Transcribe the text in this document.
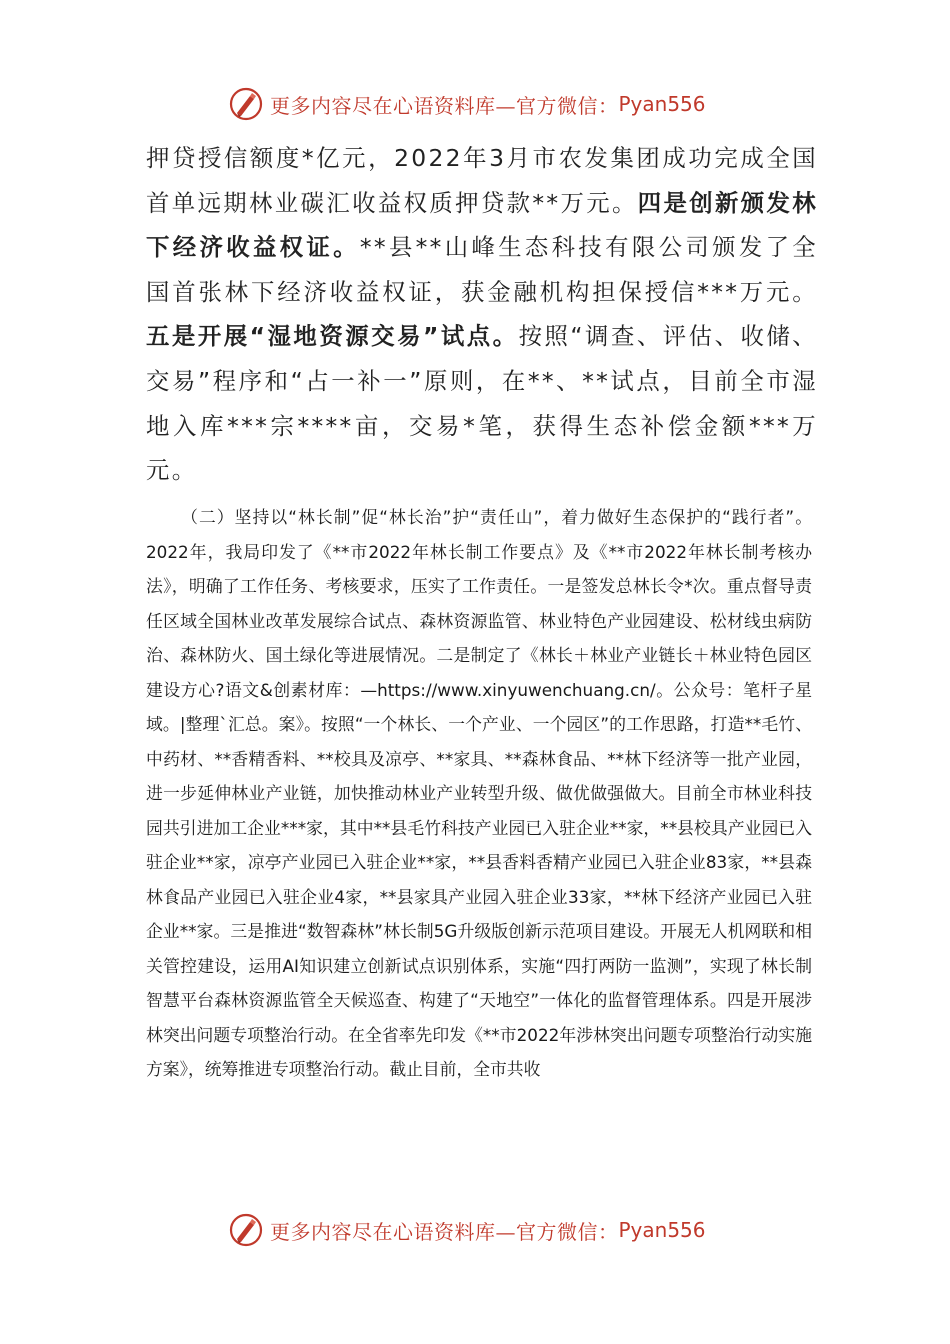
更多内容尽在心语资料库—官方微信： Pyan556

押贷授信额度*亿元，2022年3月市农发集团成功完成全国首单远期林业碳汇收益权质押贷款**万元。四是创新颁发林下经济收益权证。**县**山峰生态科技有限公司颁发了全国首张林下经济收益权证，获金融机构担保授信***万元。五是开展“湿地资源交易”试点。按照“调查、评估、收储、交易”程序和“占一补一”原则，在**、**试点，目前全市湿地入库***宗****亩，交易*笔，获得生态补偿金额***万元。

（二）坚持以“林长制”促“林长治”护“责任山”，着力做好生态保护的“践行者”。2022年，我局印发了《**市2022年林长制工作要点》及《**市2022年林长制考核办法》，明确了工作任务、考核要求，压实了工作责任。一是签发总林长令*次。重点督导责任区域全国林业改革发展综合试点、森林资源监管、林业特色产业园建设、松材线虫病防治、森林防火、国土绿化等进展情况。二是制定了《林长＋林业产业链长＋林业特色园区建设方心?语文&创素材库：—https://www.xinyuwenchuang.cn/。公众号：笔杆子星域。|整理`汇总。案》。按照“一个林长、一个产业、一个园区”的工作思路，打造**毛竹、中药材、**香精香料、**校具及凉亭、**家具、**森林食品、**林下经济等一批产业园，进一步延伸林业产业链，加快推动林业产业转型升级、做优做强做大。目前全市林业科技园共引进加工企业***家，其中**县毛竹科技产业园已入驻企业**家，**县校具产业园已入驻企业**家，凉亭产业园已入驻企业**家，**县香料香精产业园已入驻企业83家，**县森林食品产业园已入驻企业4家，**县家具产业园入驻企业33家，**林下经济产业园已入驻企业**家。三是推进“数智森林”林长制5G升级版创新示范项目建设。开展无人机网联和相关管控建设，运用AI知识建立创新试点识别体系，实施“四打两防一监测”，实现了林长制智慧平台森林资源监管全天候巡查、构建了“天地空”一体化的监督管理体系。四是开展涉林突出问题专项整治行动。在全省率先印发《**市2022年涉林突出问题专项整治行动实施方案》，统筹推进专项整治行动。截止目前，全市共收

更多内容尽在心语资料库—官方微信： Pyan556
